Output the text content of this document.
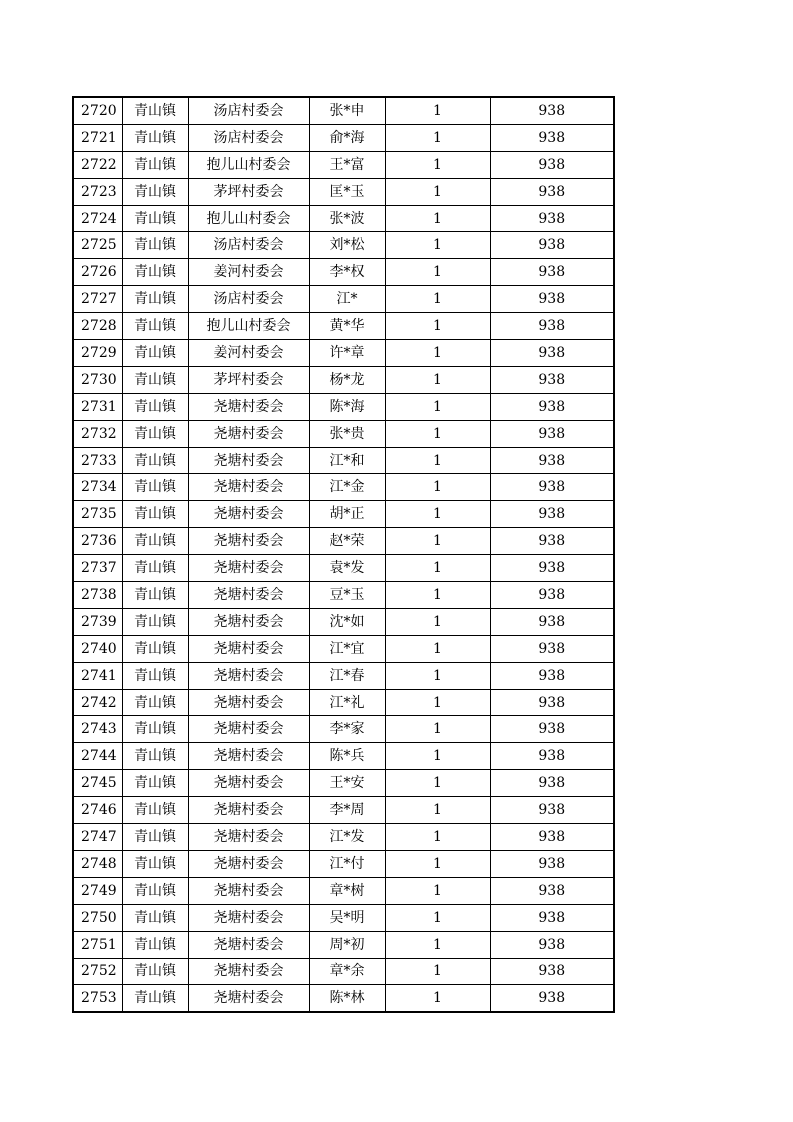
2720	青山镇	汤店村委会	张*申	1	938
2721	青山镇	汤店村委会	俞*海	1	938
2722	青山镇	抱儿山村委会	王*富	1	938
2723	青山镇	茅坪村委会	匡*玉	1	938
2724	青山镇	抱儿山村委会	张*波	1	938
2725	青山镇	汤店村委会	刘*松	1	938
2726	青山镇	姜河村委会	李*权	1	938
2727	青山镇	汤店村委会	江*	1	938
2728	青山镇	抱儿山村委会	黄*华	1	938
2729	青山镇	姜河村委会	许*章	1	938
2730	青山镇	茅坪村委会	杨*龙	1	938
2731	青山镇	尧塘村委会	陈*海	1	938
2732	青山镇	尧塘村委会	张*贵	1	938
2733	青山镇	尧塘村委会	江*和	1	938
2734	青山镇	尧塘村委会	江*金	1	938
2735	青山镇	尧塘村委会	胡*正	1	938
2736	青山镇	尧塘村委会	赵*荣	1	938
2737	青山镇	尧塘村委会	袁*发	1	938
2738	青山镇	尧塘村委会	豆*玉	1	938
2739	青山镇	尧塘村委会	沈*如	1	938
2740	青山镇	尧塘村委会	江*宜	1	938
2741	青山镇	尧塘村委会	江*春	1	938
2742	青山镇	尧塘村委会	江*礼	1	938
2743	青山镇	尧塘村委会	李*家	1	938
2744	青山镇	尧塘村委会	陈*兵	1	938
2745	青山镇	尧塘村委会	王*安	1	938
2746	青山镇	尧塘村委会	李*周	1	938
2747	青山镇	尧塘村委会	江*发	1	938
2748	青山镇	尧塘村委会	江*付	1	938
2749	青山镇	尧塘村委会	章*树	1	938
2750	青山镇	尧塘村委会	吴*明	1	938
2751	青山镇	尧塘村委会	周*初	1	938
2752	青山镇	尧塘村委会	章*余	1	938
2753	青山镇	尧塘村委会	陈*林	1	938
